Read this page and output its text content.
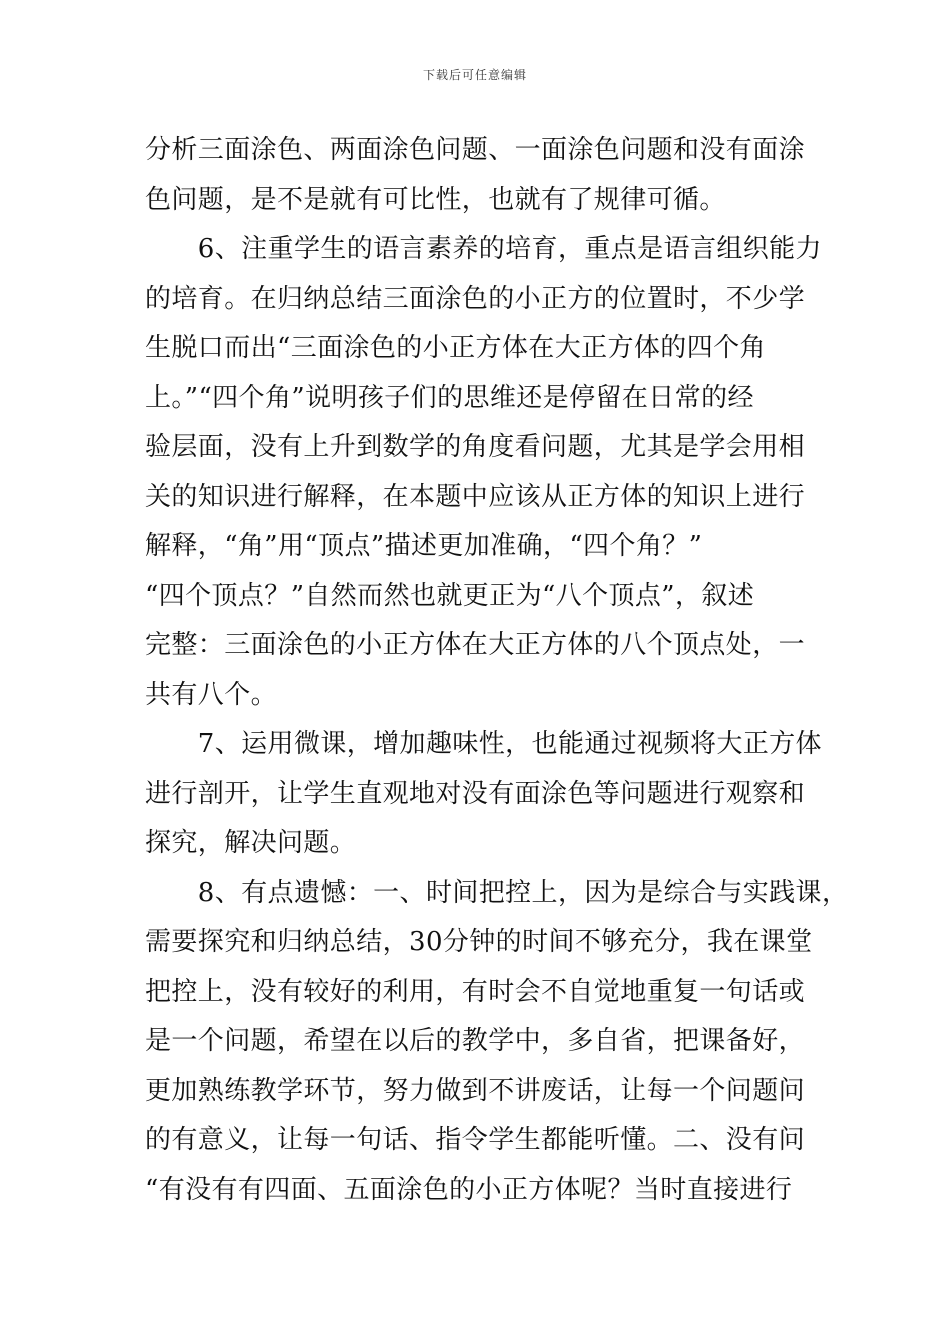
下载后可任意编辑
分析三面涂色、两面涂色问题、一面涂色问题和没有面涂
色问题，是不是就有可比性，也就有了规律可循。
　　6、注重学生的语言素养的培育，重点是语言组织能力
的培育。在归纳总结三面涂色的小正方的位置时，不少学
生脱口而出“三面涂色的小正方体在大正方体的四个角
上。”“四个角”说明孩子们的思维还是停留在日常的经
验层面，没有上升到数学的角度看问题，尤其是学会用相
关的知识进行解释，在本题中应该从正方体的知识上进行
解释，“角”用“顶点”描述更加准确，“四个角？”
“四个顶点？”自然而然也就更正为“八个顶点”，叙述
完整：三面涂色的小正方体在大正方体的八个顶点处，一
共有八个。
　　7、运用微课，增加趣味性，也能通过视频将大正方体
进行剖开，让学生直观地对没有面涂色等问题进行观察和
探究，解决问题。
　　8、有点遗憾：一、时间把控上，因为是综合与实践课，
需要探究和归纳总结，30分钟的时间不够充分，我在课堂
把控上，没有较好的利用，有时会不自觉地重复一句话或
是一个问题，希望在以后的教学中，多自省，把课备好，
更加熟练教学环节，努力做到不讲废话，让每一个问题问
的有意义，让每一句话、指令学生都能听懂。二、没有问
“有没有有四面、五面涂色的小正方体呢？当时直接进行
